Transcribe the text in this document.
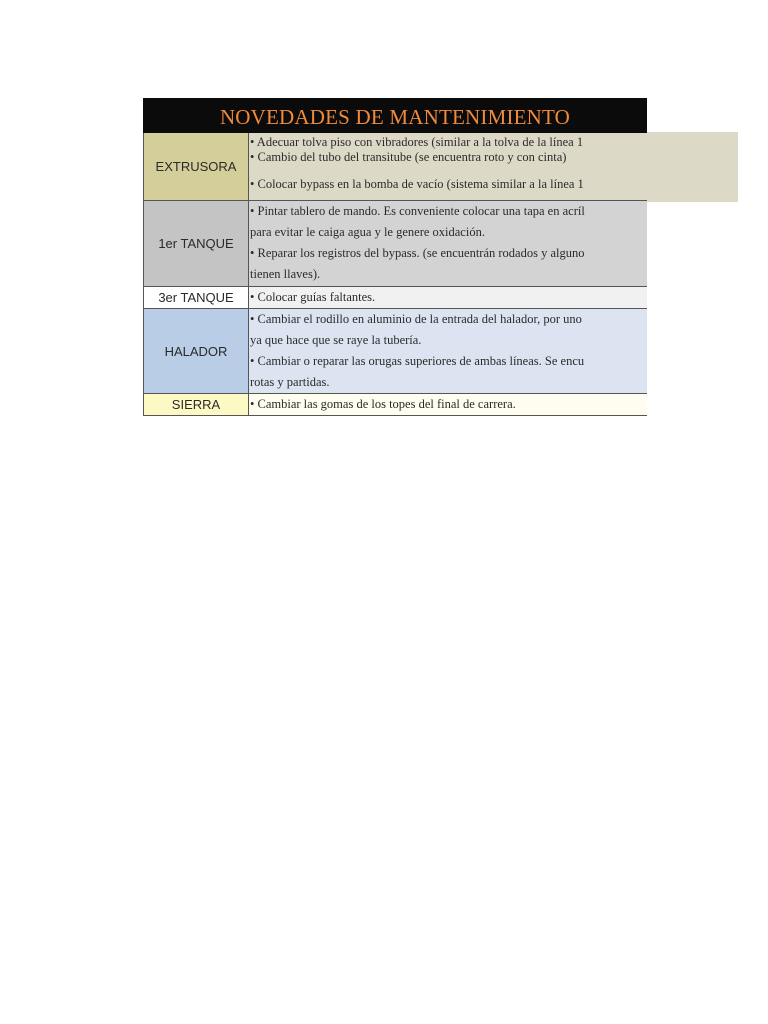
NOVEDADES DE MANTENIMIENTO
EXTRUSORA
• Adecuar tolva piso con vibradores (similar a la tolva de la línea 1
• Cambio del tubo del transitube (se encuentra roto y con cinta)
• Colocar bypass en la bomba de vacío (sistema similar a la línea 1
1er TANQUE
• Pintar tablero de mando. Es conveniente colocar una tapa en acríl
para evitar le caiga agua y le genere oxidación.
• Reparar los registros del bypass. (se encuentrán rodados y alguno
tienen llaves).
3er TANQUE	• Colocar guías faltantes.
HALADOR
• Cambiar el rodillo en aluminio de la entrada del halador, por uno
ya que hace que se raye la tubería.
• Cambiar o reparar las orugas superiores de ambas líneas. Se encu
rotas y partidas.
SIERRA	• Cambiar las gomas de los topes del final de carrera.
